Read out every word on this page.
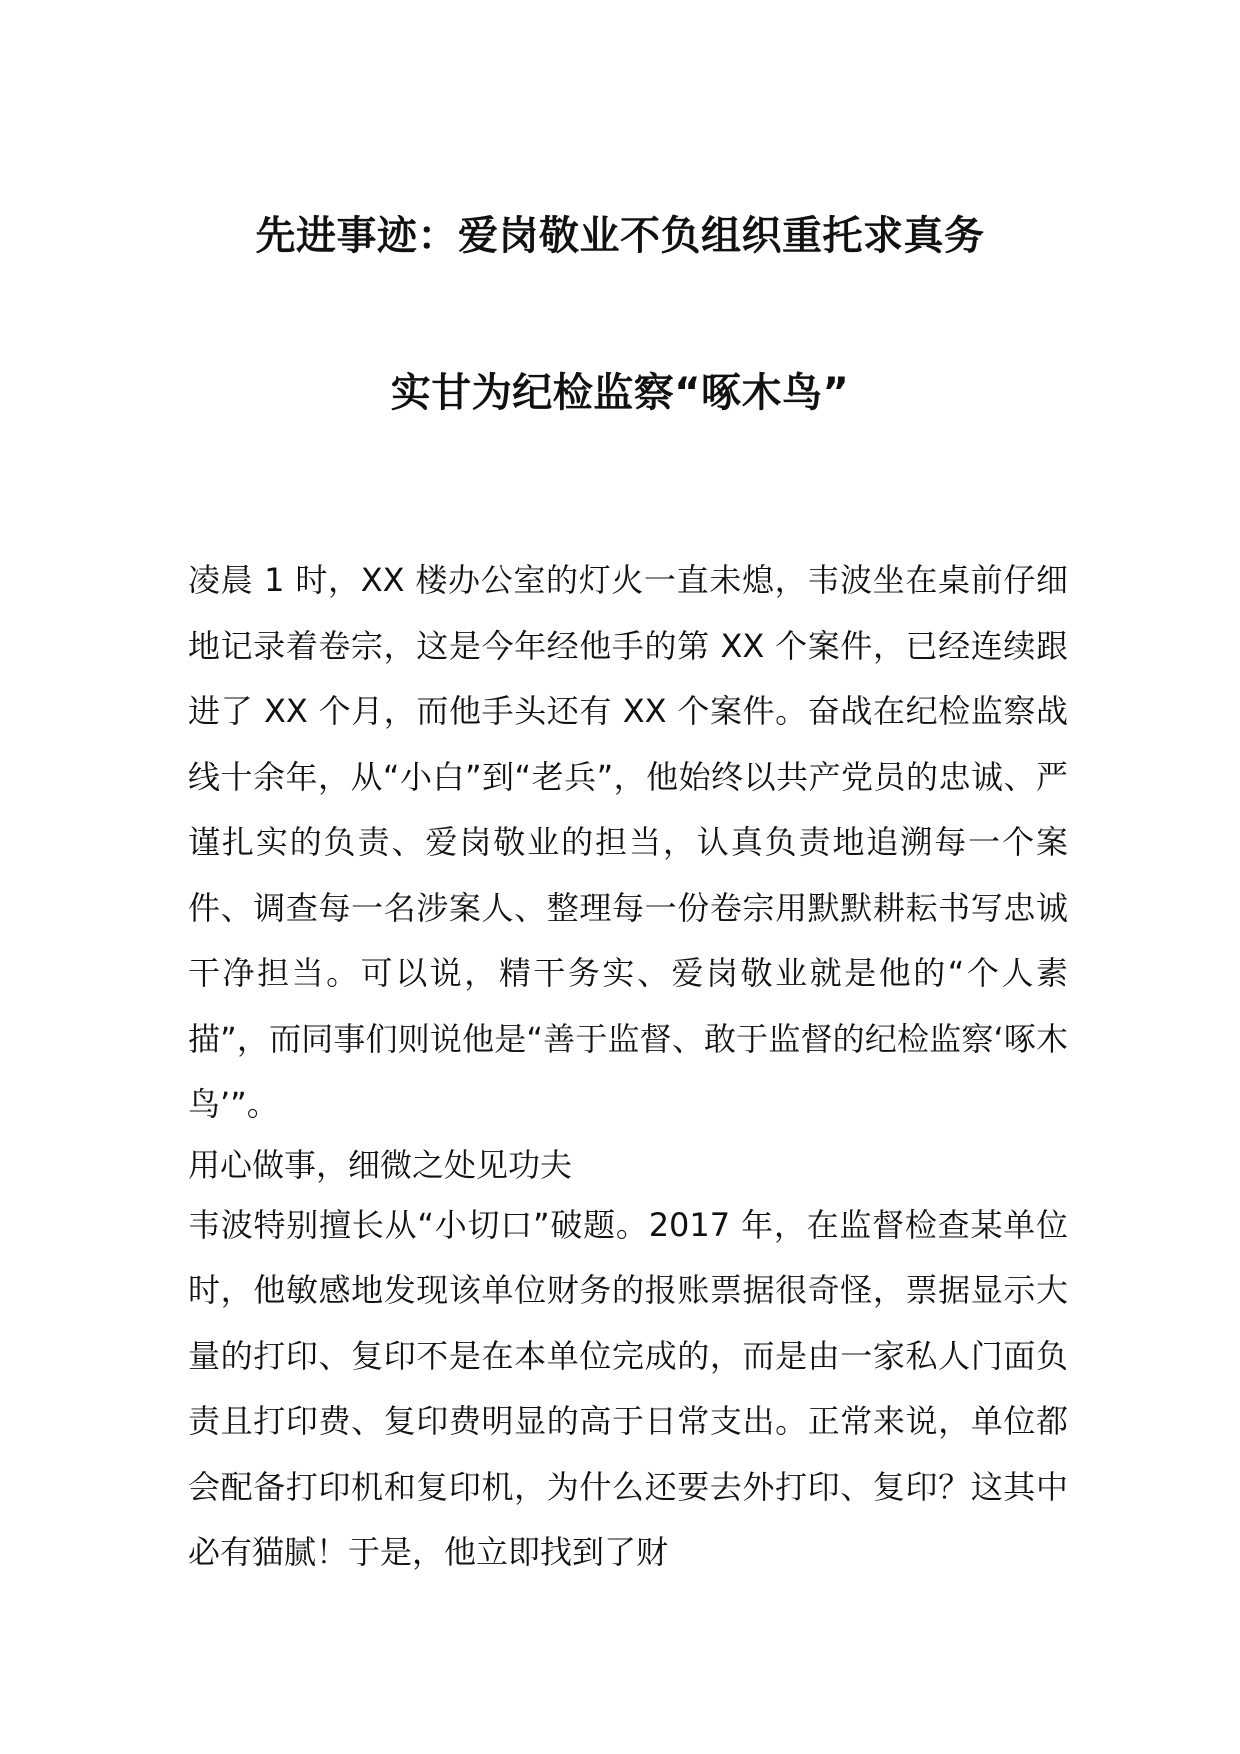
先进事迹：爱岗敬业不负组织重托求真务
实甘为纪检监察“啄木鸟”

凌晨 1 时，XX 楼办公室的灯火一直未熄，韦波坐在桌前仔细地记录着卷宗，这是今年经他手的第 XX 个案件，已经连续跟进了 XX 个月，而他手头还有 XX 个案件。奋战在纪检监察战线十余年，从“小白”到“老兵”，他始终以共产党员的忠诚、严谨扎实的负责、爱岗敬业的担当，认真负责地追溯每一个案件、调查每一名涉案人、整理每一份卷宗用默默耕耘书写忠诚干净担当。可以说，精干务实、爱岗敬业就是他的“个人素描”，而同事们则说他是“善于监督、敢于监督的纪检监察‘啄木鸟’”。

用心做事，细微之处见功夫

韦波特别擅长从“小切口”破题。2017 年，在监督检查某单位时，他敏感地发现该单位财务的报账票据很奇怪，票据显示大量的打印、复印不是在本单位完成的，而是由一家私人门面负责且打印费、复印费明显的高于日常支出。正常来说，单位都会配备打印机和复印机，为什么还要去外打印、复印？这其中必有猫腻！于是，他立即找到了财
